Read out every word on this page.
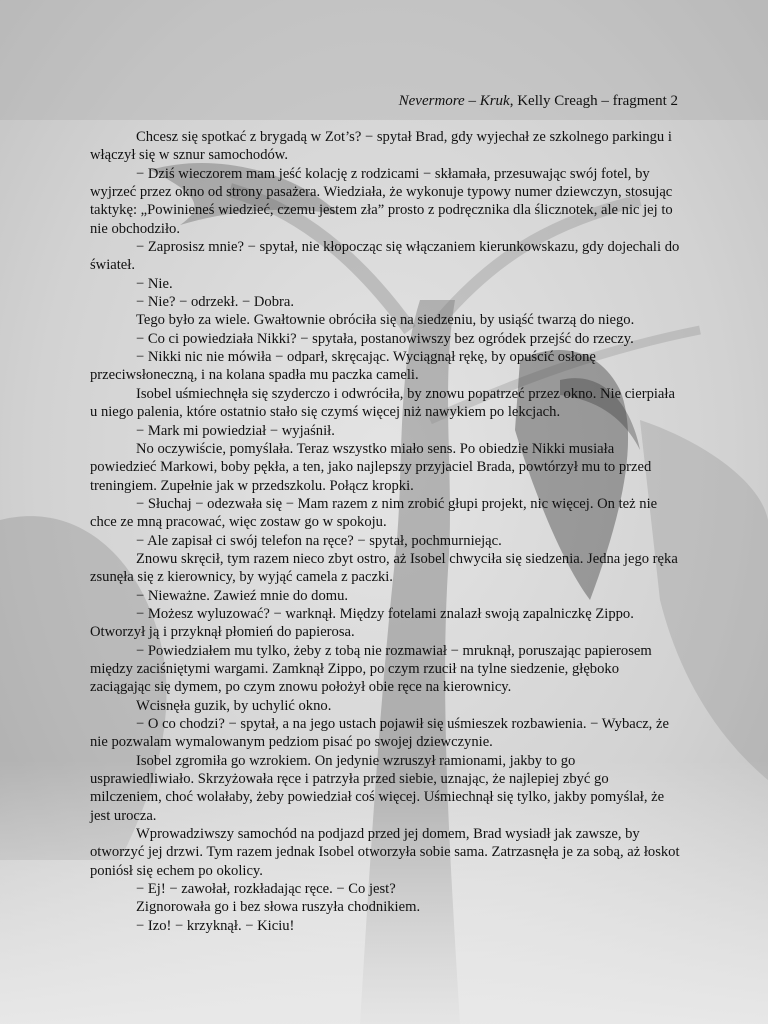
Nevermore – Kruk, Kelly Creagh – fragment 2

Chcesz się spotkać z brygadą w Zot’s? − spytał Brad, gdy wyjechał ze szkolnego parkingu i włączył się w sznur samochodów.

− Dziś wieczorem mam jeść kolację z rodzicami − skłamała, przesuwając swój fotel, by wyjrzeć przez okno od strony pasażera. Wiedziała, że wykonuje typowy numer dziewczyn, stosując taktykę: „Powinieneś wiedzieć, czemu jestem zła” prosto z podręcznika dla ślicznotek, ale nic jej to nie obchodziło.

− Zaprosisz mnie? − spytał, nie kłopocząc się włączaniem kierunkowskazu, gdy dojechali do świateł.

− Nie.

− Nie? − odrzekł. − Dobra.

Tego było za wiele. Gwałtownie obróciła się na siedzeniu, by usiąść twarzą do niego.

− Co ci powiedziała Nikki? − spytała, postanowiwszy bez ogródek przejść do rzeczy.

− Nikki nic nie mówiła − odparł, skręcając. Wyciągnął rękę, by opuścić osłonę przeciwsłoneczną, i na kolana spadła mu paczka cameli.

Isobel uśmiechnęła się szyderczo i odwróciła, by znowu popatrzeć przez okno. Nie cierpiała u niego palenia, które ostatnio stało się czymś więcej niż nawykiem po lekcjach.

− Mark mi powiedział − wyjaśnił.

No oczywiście, pomyślała. Teraz wszystko miało sens. Po obiedzie Nikki musiała powiedzieć Markowi, boby pękła, a ten, jako najlepszy przyjaciel Brada, powtórzył mu to przed treningiem. Zupełnie jak w przedszkolu. Połącz kropki.

− Słuchaj − odezwała się − Mam razem z nim zrobić głupi projekt, nic więcej. On też nie chce ze mną pracować, więc zostaw go w spokoju.

− Ale zapisał ci swój telefon na ręce? − spytał, pochmurniejąc.

Znowu skręcił, tym razem nieco zbyt ostro, aż Isobel chwyciła się siedzenia. Jedna jego ręka zsunęła się z kierownicy, by wyjąć camela z paczki.

− Nieważne. Zawieź mnie do domu.

− Możesz wyluzować? − warknął. Między fotelami znalazł swoją zapalniczkę Zippo. Otworzył ją i przyknął płomień do papierosa.

− Powiedziałem mu tylko, żeby z tobą nie rozmawiał − mruknął, poruszając papierosem między zaciśniętymi wargami. Zamknął Zippo, po czym rzucił na tylne siedzenie, głęboko zaciągając się dymem, po czym znowu położył obie ręce na kierownicy.

Wcisnęła guzik, by uchylić okno.

− O co chodzi? − spytał, a na jego ustach pojawił się uśmieszek rozbawienia. − Wybacz, że nie pozwalam wymalowanym pedziom pisać po swojej dziewczynie.

Isobel zgromiła go wzrokiem. On jedynie wzruszył ramionami, jakby to go usprawiedliwiało. Skrzyżowała ręce i patrzyła przed siebie, uznając, że najlepiej zbyć go milczeniem, choć wolałaby, żeby powiedział coś więcej. Uśmiechnął się tylko, jakby pomyślał, że jest urocza.

Wprowadziwszy samochód na podjazd przed jej domem, Brad wysiadł jak zawsze, by otworzyć jej drzwi. Tym razem jednak Isobel otworzyła sobie sama. Zatrzasnęła je za sobą, aż łoskot poniósł się echem po okolicy.

− Ej! − zawołał, rozkładając ręce. − Co jest?

Zignorowała go i bez słowa ruszyła chodnikiem.

− Izo! − krzyknął. − Kiciu!
